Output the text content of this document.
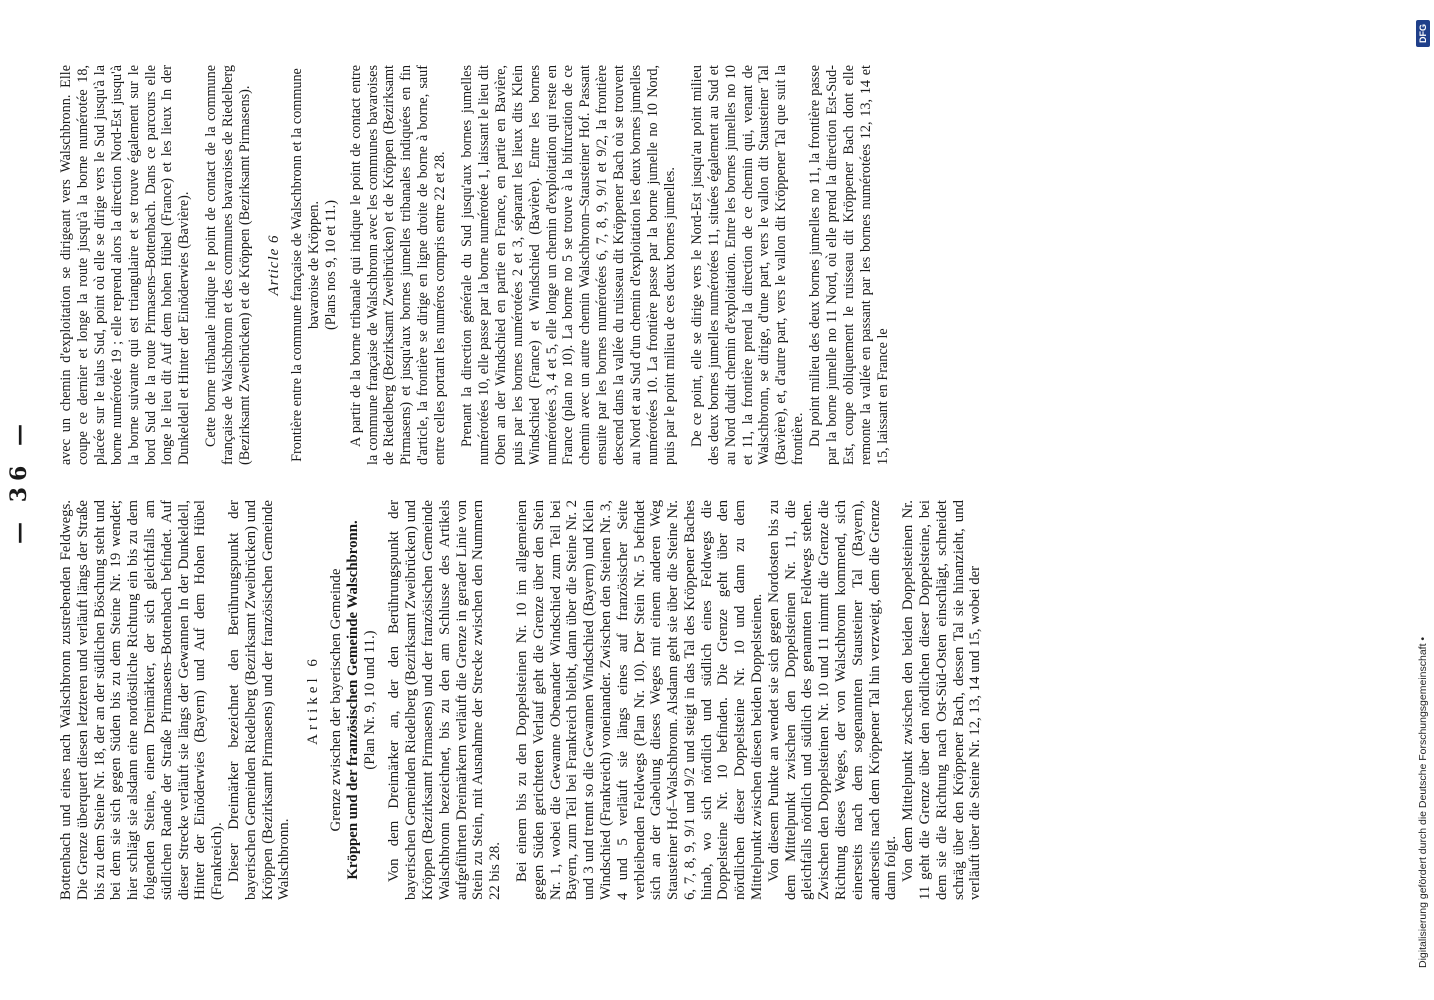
— 36 —

Bottenbach und eines nach Walschbronn zustrebenden Feldwegs. Die Grenze überquert diesen letzteren und verläuft längs der Straße bis zu dem Steine Nr. 18, der an der südlichen Böschung steht und bei dem sie sich gegen Süden bis zu dem Steine Nr. 19 wendet; hier schlägt sie alsdann eine nordöstliche Richtung ein bis zu dem folgenden Steine, einem Dreimärker, der sich gleichfalls am südlichen Rande der Straße Pirmasens–Bottenbach befindet. Auf dieser Strecke verläuft sie längs der Gewannen In der Dunkeldell, Hinter der Einöderwies (Bayern) und Auf dem Hohen Hübel (Frankreich). Dieser Dreimärker bezeichnet den Berührungspunkt der bayerischen Gemeinden Riedelberg (Bezirksamt Zweibrücken) und Kröppen (Bezirksamt Pirmasens) und der französischen Gemeinde Walschbronn.

Artikel 6 Grenze zwischen der bayerischen Gemeinde
Kröppen und der französischen Gemeinde Walschbronn.
(Plan Nr. 9, 10 und 11.) Von dem Dreimärker an, der den Berührungspunkt der bayerischen Gemeinden Riedelberg (Bezirksamt Zweibrücken) und Kröppen (Bezirksamt Pirmasens) und der französischen Gemeinde Walschbronn bezeichnet, bis zu den am Schlusse des Artikels aufgeführten Dreimärkern verläuft die Grenze in gerader Linie von Stein zu Stein, mit Ausnahme der Strecke zwischen den Nummern 22 bis 28. Bei einem bis zu den Doppelsteinen Nr. 10 im allgemeinen gegen Süden gerichteten Verlauf geht die Grenze über den Stein Nr. 1, wobei die Gewanne Obenander Windschied zum Teil bei Bayern, zum Teil bei Frankreich bleibt, dann über die Steine Nr. 2 und 3 und trennt so die Gewannen Windschied (Bayern) und Klein Windschied (Frankreich) voneinander. Zwischen den Steinen Nr. 3, 4 und 5 verläuft sie längs eines auf französischer Seite verbleibenden Feldwegs (Plan Nr. 10). Der Stein Nr. 5 befindet sich an der Gabelung dieses Weges mit einem anderen Weg Stausteiner Hof–Walschbronn. Alsdann geht sie über die Steine Nr. 6, 7, 8, 9, 9/1 und 9/2 und steigt in das Tal des Kröppener Baches hinab, wo sich nördlich und südlich eines Feldwegs die Doppelsteine Nr. 10 befinden. Die Grenze geht über den nördlichen dieser Doppelsteine Nr. 10 und dann zu dem Mittelpunkt zwischen diesen beiden Doppelsteinen. Von diesem Punkte an wendet sie sich gegen Nordosten bis zu dem Mittelpunkt zwischen den Doppelsteinen Nr. 11, die gleichfalls nördlich und südlich des genannten Feldwegs stehen. Zwischen den Doppelsteinen Nr. 10 und 11 nimmt die Grenze die Richtung dieses Weges, der von Walschbronn kommend, sich einerseits nach dem sogenannten Stausteiner Tal (Bayern), anderseits nach dem Kröppener Tal hin verzweigt, dem die Grenze dann folgt. Von dem Mittelpunkt zwischen den beiden Doppelsteinen Nr. 11 geht die Grenze über den nördlichen dieser Doppelsteine, bei dem sie die Richtung nach Ost-Süd-Osten einschlägt, schneidet schräg über den Kröppener Bach, dessen Tal sie hinanzieht, und verläuft über die Steine Nr. 12, 13, 14 und 15, wobei der

avec un chemin d'exploitation se dirigeant vers Walschbronn. Elle coupe ce dernier et longe la route jusqu'à la borne numérotée 18, placée sur le talus Sud, point où elle se dirige vers le Sud jusqu'à la borne numérotée 19 ; elle reprend alors la direction Nord-Est jusqu'à la borne suivante qui est triangulaire et se trouve également sur le bord Sud de la route Pirmasens–Bottenbach. Dans ce parcours elle longe le lieu dit Auf dem hohen Hübel (France) et les lieux In der Dunkeldell et Hinter der Einöderwies (Bavière). Cette borne tribanale indique le point de contact de la commune française de Walschbronn et des communes bavaroises de Riedelberg (Bezirksamt Zweibrücken) et de Kröppen (Bezirksamt Pirmasens). Article 6 Frontière entre la commune française de Walschbronn et la commune bavaroise de Kröppen.
(Plans nos 9, 10 et 11.) A partir de la borne tribanale qui indique le point de contact entre la commune française de Walschbronn avec les communes bavaroises de Riedelberg (Bezirksamt Zweibrücken) et de Kröppen (Bezirksamt Pirmasens) et jusqu'aux bornes jumelles tribanales indiquées en fin d'article, la frontière se dirige en ligne droite de borne à borne, sauf entre celles portant les numéros compris entre 22 et 28. Prenant la direction générale du Sud jusqu'aux bornes jumelles numérotées 10, elle passe par la borne numérotée 1, laissant le lieu dit Oben an der Windschied en partie en France, en partie en Bavière, puis par les bornes numérotées 2 et 3, séparant les lieux dits Klein Windschied (France) et Windschied (Bavière). Entre les bornes numérotées 3, 4 et 5, elle longe un chemin d'exploitation qui reste en France (plan no 10). La borne no 5 se trouve à la bifurcation de ce chemin avec un autre chemin Walschbronn–Stausteiner Hof. Passant ensuite par les bornes numérotées 6, 7, 8, 9, 9/1 et 9/2, la frontière descend dans la vallée du ruisseau dit Kröppener Bach où se trouvent au Nord et au Sud d'un chemin d'exploitation les deux bornes jumelles numérotées 10. La frontière passe par la borne jumelle no 10 Nord, puis par le point milieu de ces deux bornes jumelles. De ce point, elle se dirige vers le Nord-Est jusqu'au point milieu des deux bornes jumelles numérotées 11, situées également au Sud et au Nord dudit chemin d'exploitation. Entre les bornes jumelles no 10 et 11, la frontière prend la direction de ce chemin qui, venant de Walschbronn, se dirige, d'une part, vers le vallon dit Stausteiner Tal (Bavière), et, d'autre part, vers le vallon dit Kröppener Tal que suit la frontière. Du point milieu des deux bornes jumelles no 11, la frontière passe par la borne jumelle no 11 Nord, où elle prend la direction Est-Sud-Est, coupe obliquement le ruisseau dit Kröppener Bach dont elle remonte la vallée en passant par les bornes numérotées 12, 13, 14 et 15, laissant en France le

Digitalisierung gefördert durch die Deutsche Forschungsgemeinschaft •
DFG
